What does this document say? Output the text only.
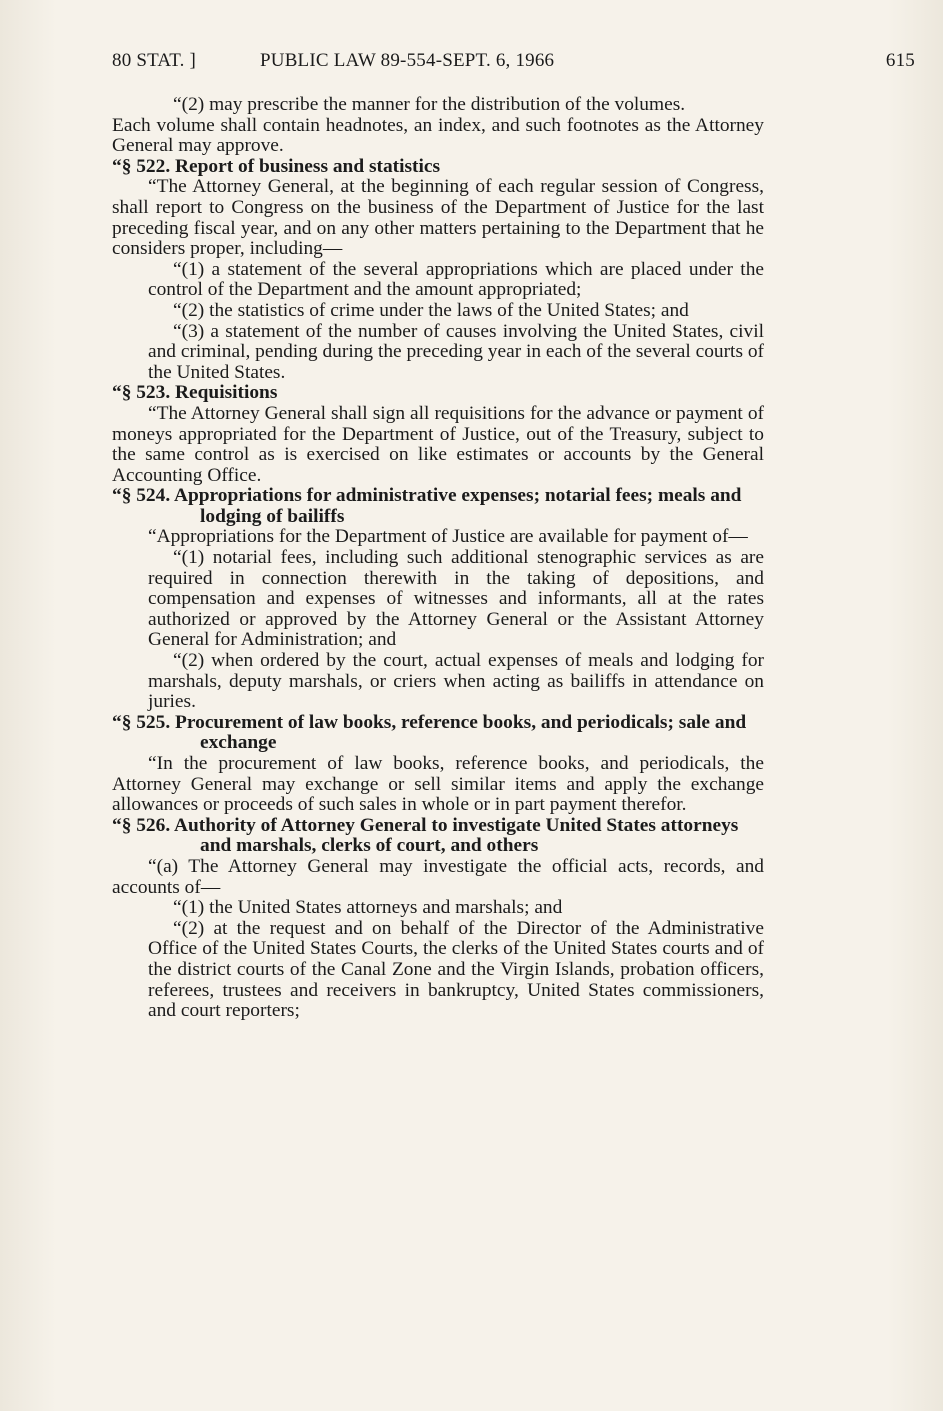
80 STAT. ]	PUBLIC LAW 89-554-SEPT. 6, 1966	615

“(2) may prescribe the manner for the distribution of the volumes.

Each volume shall contain headnotes, an index, and such footnotes as the Attorney General may approve.

“§ 522. Report of business and statistics

“The Attorney General, at the beginning of each regular session of Congress, shall report to Congress on the business of the Department of Justice for the last preceding fiscal year, and on any other matters pertaining to the Department that he considers proper, including—

“(1) a statement of the several appropriations which are placed under the control of the Department and the amount appropriated;

“(2) the statistics of crime under the laws of the United States; and

“(3) a statement of the number of causes involving the United States, civil and criminal, pending during the preceding year in each of the several courts of the United States.

“§ 523. Requisitions

“The Attorney General shall sign all requisitions for the advance or payment of moneys appropriated for the Department of Justice, out of the Treasury, subject to the same control as is exercised on like estimates or accounts by the General Accounting Office.

“§ 524. Appropriations for administrative expenses; notarial fees; meals and lodging of bailiffs

“Appropriations for the Department of Justice are available for payment of—

“(1) notarial fees, including such additional stenographic services as are required in connection therewith in the taking of depositions, and compensation and expenses of witnesses and informants, all at the rates authorized or approved by the Attorney General or the Assistant Attorney General for Administration; and

“(2) when ordered by the court, actual expenses of meals and lodging for marshals, deputy marshals, or criers when acting as bailiffs in attendance on juries.

“§ 525. Procurement of law books, reference books, and periodicals; sale and exchange

“In the procurement of law books, reference books, and periodicals, the Attorney General may exchange or sell similar items and apply the exchange allowances or proceeds of such sales in whole or in part payment therefor.

“§ 526. Authority of Attorney General to investigate United States attorneys and marshals, clerks of court, and others

“(a) The Attorney General may investigate the official acts, records, and accounts of—

“(1) the United States attorneys and marshals; and

“(2) at the request and on behalf of the Director of the Administrative Office of the United States Courts, the clerks of the United States courts and of the district courts of the Canal Zone and the Virgin Islands, probation officers, referees, trustees and receivers in bankruptcy, United States commissioners, and court reporters;
